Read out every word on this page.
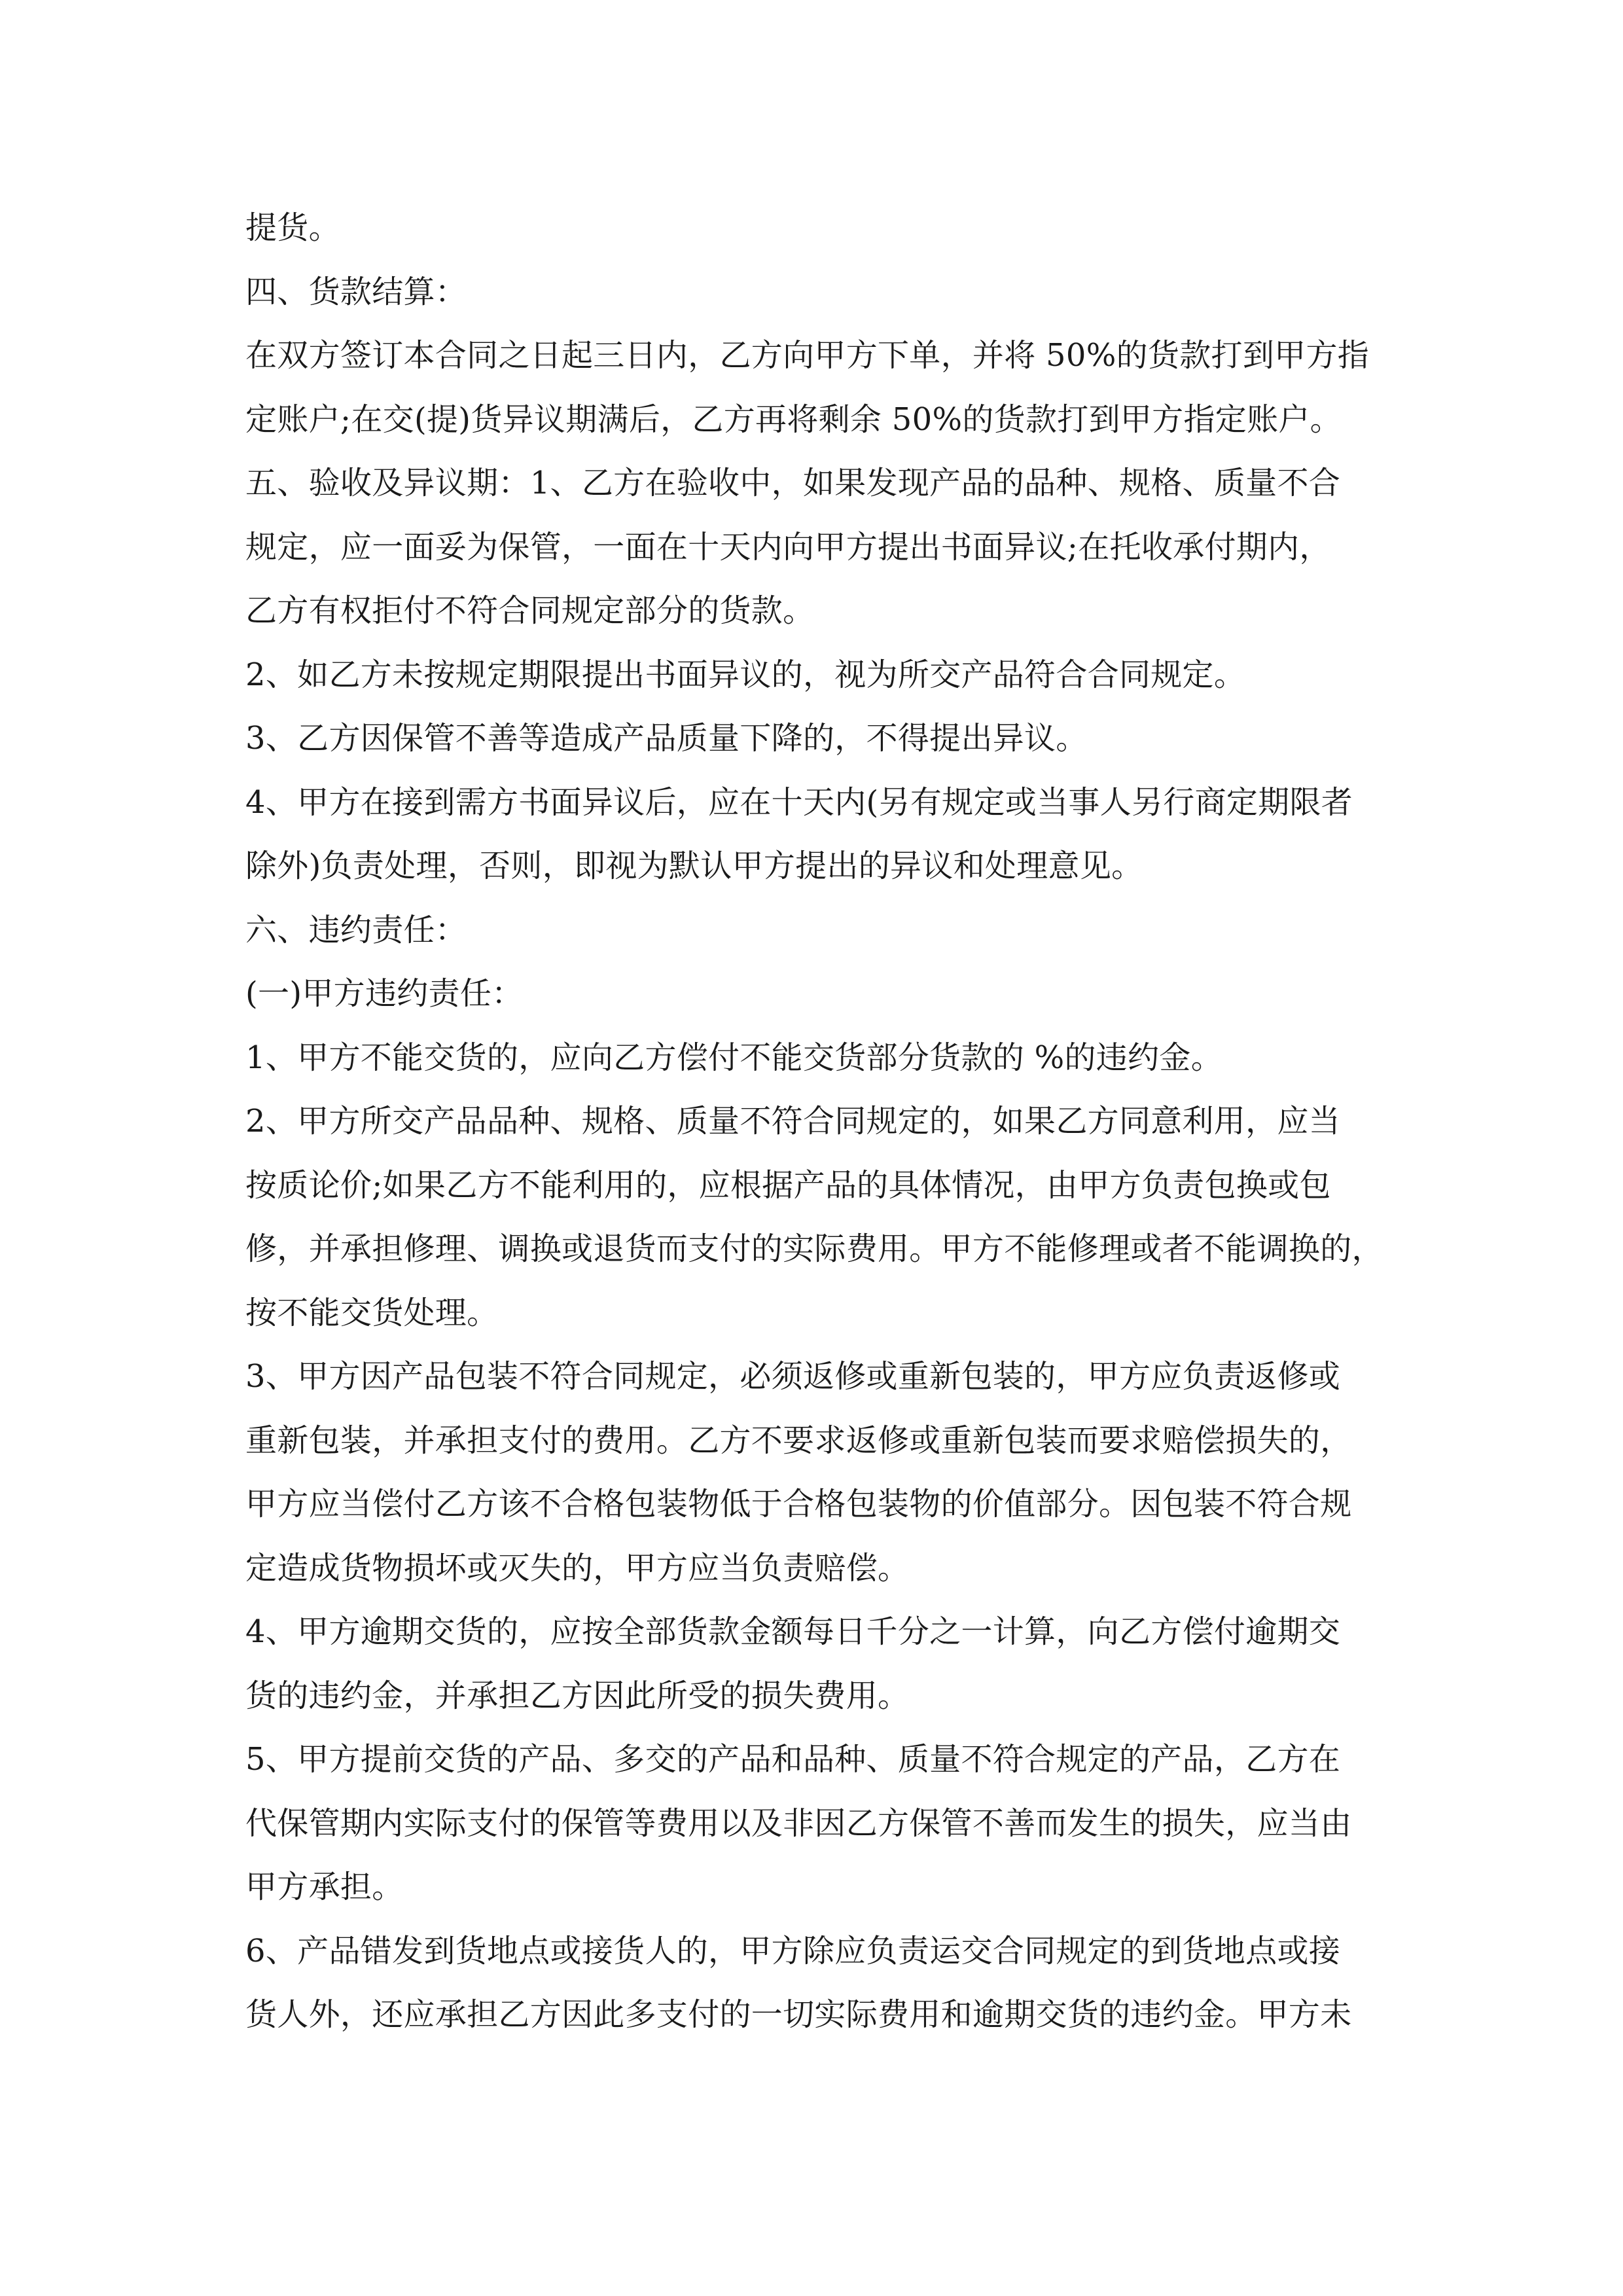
提货。
四、货款结算：
在双方签订本合同之日起三日内，乙方向甲方下单，并将 50%的货款打到甲方指
定账户;在交(提)货异议期满后，乙方再将剩余 50%的货款打到甲方指定账户。
五、验收及异议期：1、乙方在验收中，如果发现产品的品种、规格、质量不合
规定，应一面妥为保管，一面在十天内向甲方提出书面异议;在托收承付期内，
乙方有权拒付不符合同规定部分的货款。
2、如乙方未按规定期限提出书面异议的，视为所交产品符合合同规定。
3、乙方因保管不善等造成产品质量下降的，不得提出异议。
4、甲方在接到需方书面异议后，应在十天内(另有规定或当事人另行商定期限者
除外)负责处理，否则，即视为默认甲方提出的异议和处理意见。
六、违约责任：
(一)甲方违约责任：
1、甲方不能交货的，应向乙方偿付不能交货部分货款的 %的违约金。
2、甲方所交产品品种、规格、质量不符合同规定的，如果乙方同意利用，应当
按质论价;如果乙方不能利用的，应根据产品的具体情况，由甲方负责包换或包
修，并承担修理、调换或退货而支付的实际费用。甲方不能修理或者不能调换的，
按不能交货处理。
3、甲方因产品包装不符合同规定，必须返修或重新包装的，甲方应负责返修或
重新包装，并承担支付的费用。乙方不要求返修或重新包装而要求赔偿损失的，
甲方应当偿付乙方该不合格包装物低于合格包装物的价值部分。因包装不符合规
定造成货物损坏或灭失的，甲方应当负责赔偿。
4、甲方逾期交货的，应按全部货款金额每日千分之一计算，向乙方偿付逾期交
货的违约金，并承担乙方因此所受的损失费用。
5、甲方提前交货的产品、多交的产品和品种、质量不符合规定的产品，乙方在
代保管期内实际支付的保管等费用以及非因乙方保管不善而发生的损失，应当由
甲方承担。
6、产品错发到货地点或接货人的，甲方除应负责运交合同规定的到货地点或接
货人外，还应承担乙方因此多支付的一切实际费用和逾期交货的违约金。甲方未
